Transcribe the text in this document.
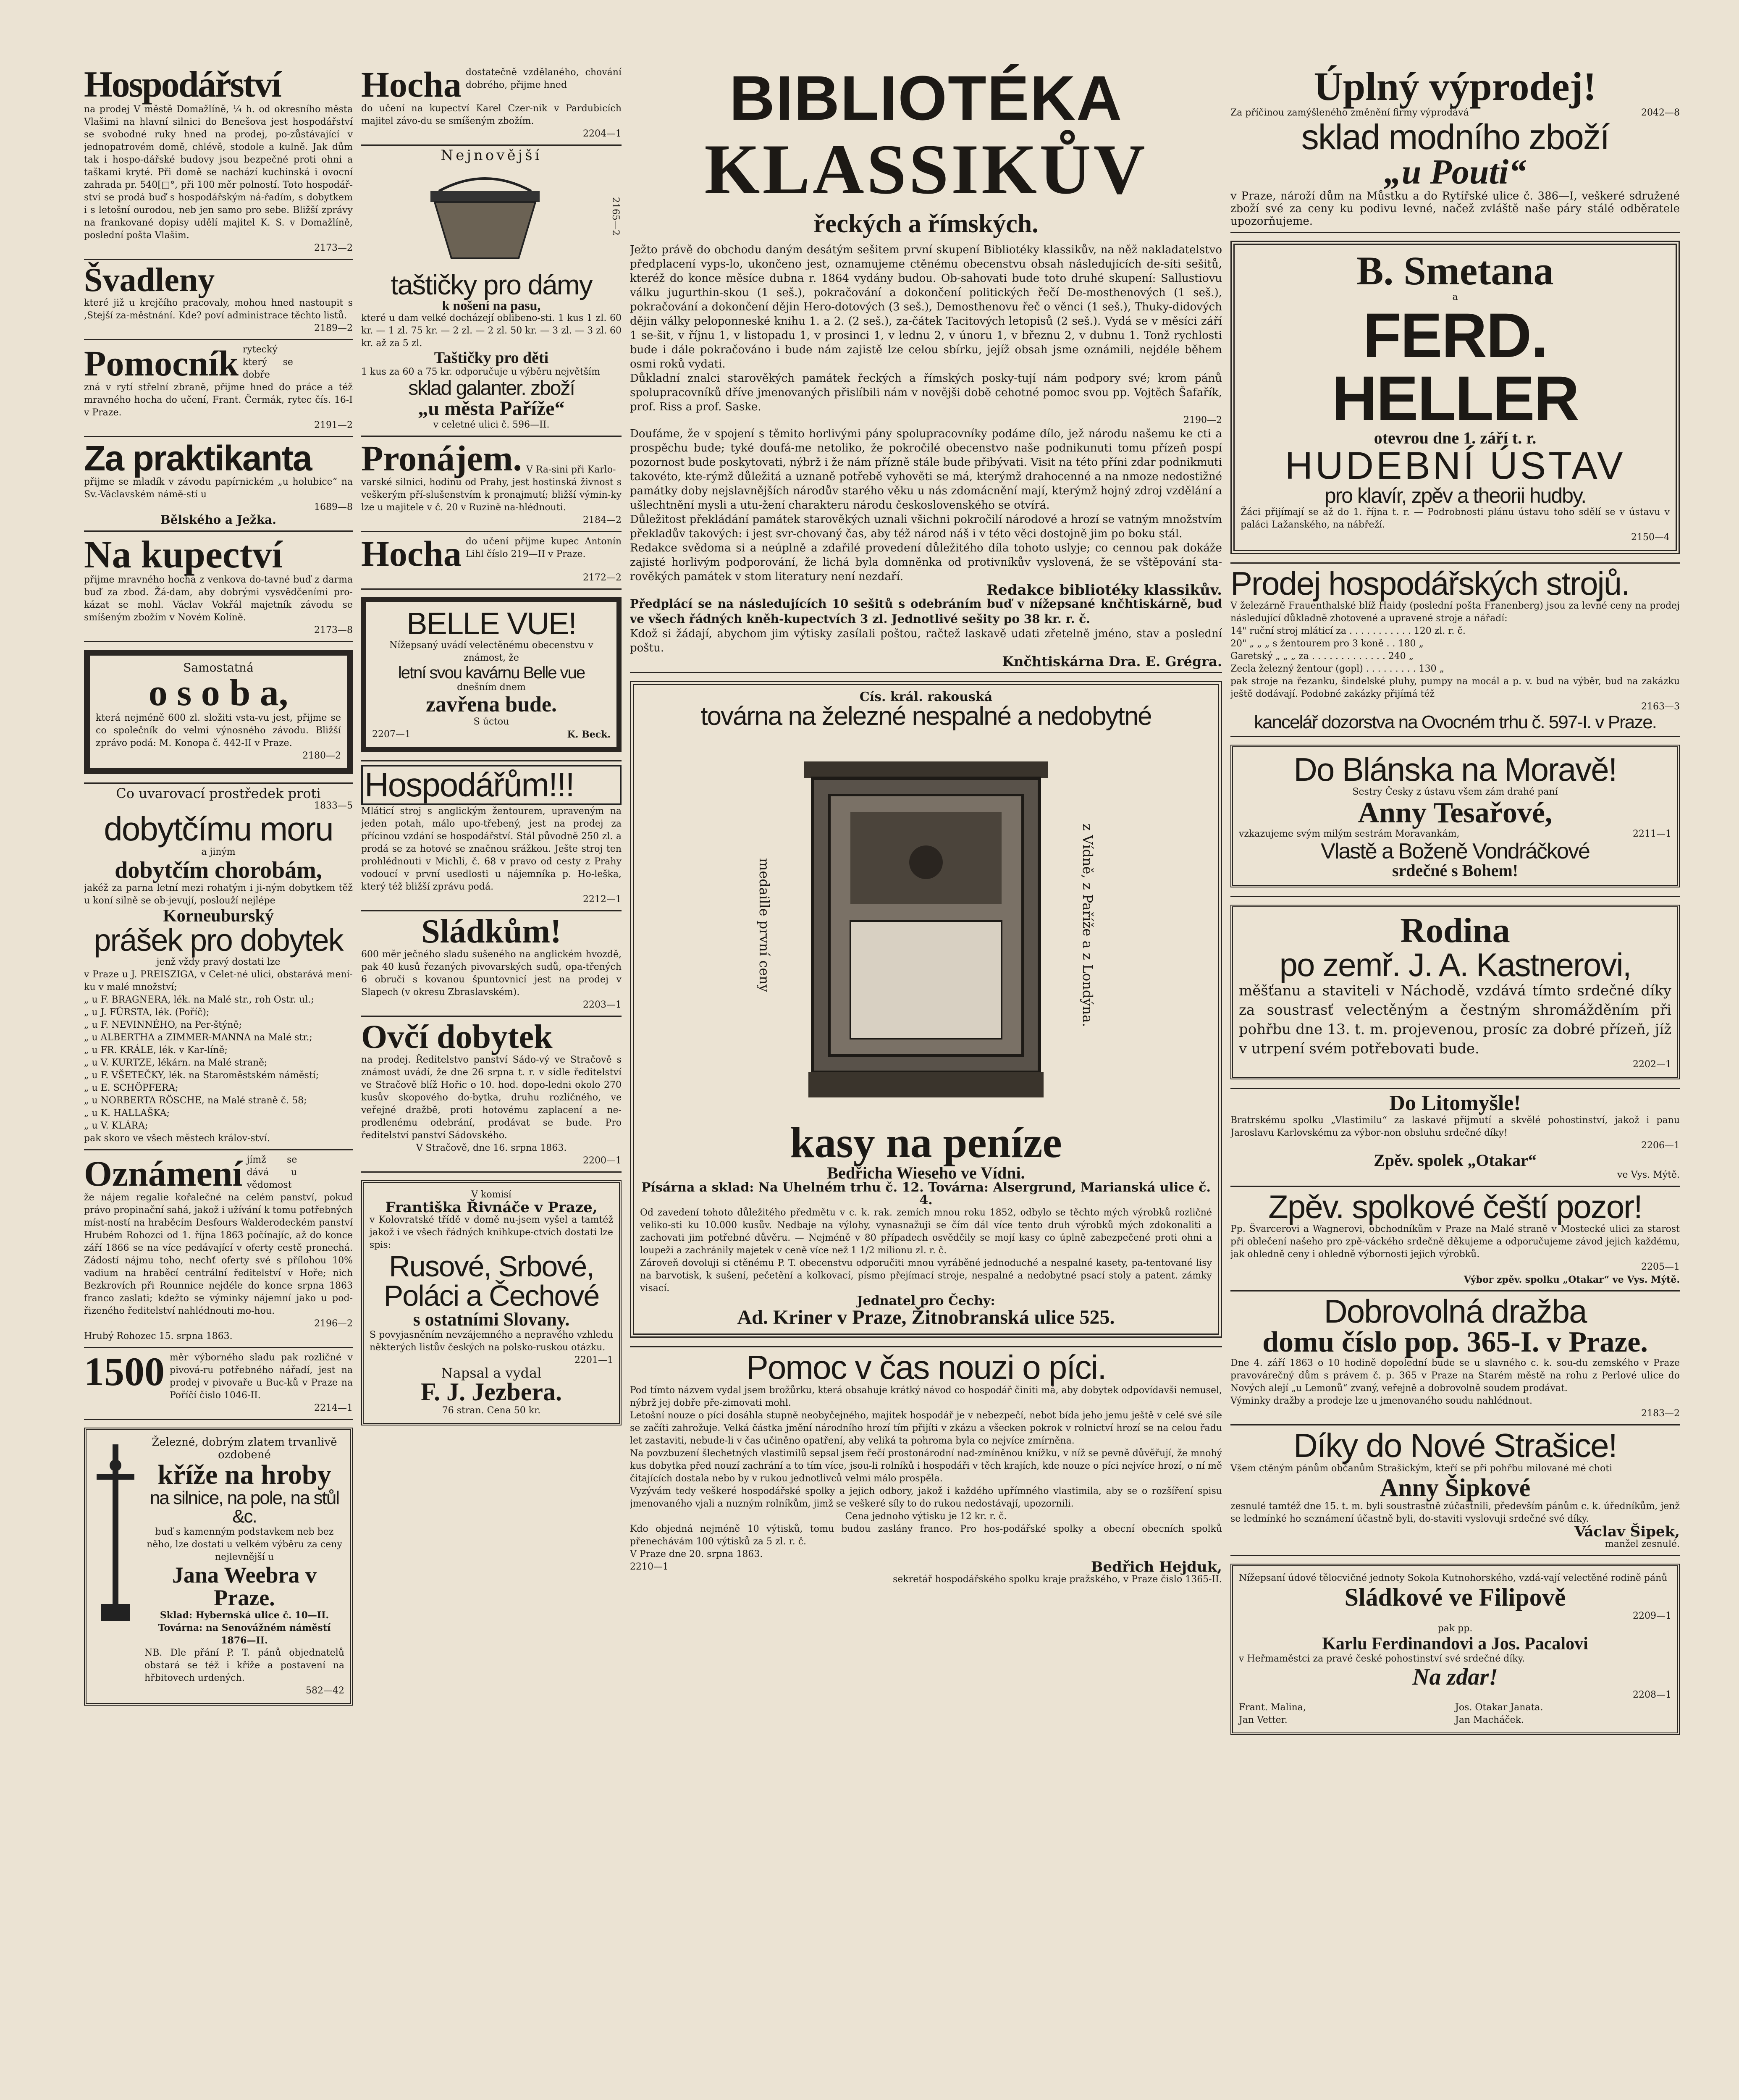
Hospodářství

na prodej V městě Domažlíně, ¼ h. od okresního města Vlašimi na hlavní silnici do Benešova jest hospodářství se svobodné ruky hned na prodej, po-zůstávající v jednopatrovém domě, chlévě, stodole a kulně. Jak dům tak i hospo-dářské budovy jsou bezpečné proti ohni a taškami kryté. Při domě se nachází kuchinská i ovocní zahrada pr. 540[□°, při 100 měr polností. Toto hospodář-ství se prodá buď s hospodářským ná-řadím, s dobytkem i s letošní ourodou, neb jen samo pro sebe. Bližší zprávy na frankované dopisy udělí majitel K. S. v Domažlíně, poslední pošta Vlašim.

2173—2

Švadleny

které již u krejčího pracovaly, mohou hned nastoupit s ,Stejší za-městnání. Kde? poví administrace těchto listů.

2189—2

Pomocník rytecký který se dobře

zná v rytí střelní zbraně, přijme hned do práce a též mravného hocha do učení, Frant. Čermák, rytec čís. 16-I v Praze.

2191—2

Za praktikanta

přijme se mladík v závodu papírnickém „u holubice“ na Sv.-Václavském námě-stí u

1689—8

Bělského a Ježka.

Na kupectví

přijme mravného hocha z venkova do-tavné buď z darma buď za zbod. Žá-dam, aby dobrými vysvědčeními pro-kázat se mohl. Václav Vokřál majetník závodu se smíšeným zbožím v Novém Kolíně.

2173—8

Samostatná

o s o b a,

která nejméně 600 zl. složiti vsta-vu jest, přijme se co společník do velmi výnosného závodu. Bližší zprávo podá: M. Konopa č. 442-II v Praze.

2180—2

Co uvarovací prostředek proti

1833—5

dobytčímu moru

a jiným

dobytčím chorobám,

jakéž za parna letní mezi rohatým i ji-ným dobytkem těž u koní silně se ob-jevují, poslouží nejlépe

Korneuburský

prášek pro dobytek

jenž vždy pravý dostati lze

v Praze u J. PREISZIGA, v Celet-né ulici, obstarává mení-ku v malé množství;

„ u F. BRAGNERA, lék. na Malé str., roh Ostr. ul.;

„ u J. FÜRSTA, lék. (Poříč);

„ u F. NEVINNÉHO, na Per-štýně;

„ u ALBERTHA a ZIMMER-MANNA na Malé str.;

„ u FR. KRÁLE, lék. v Kar-líně;

„ u V. KURTZE, lékárn. na Malé straně;

„ u F. VŠETEČKY, lék. na Staroměstském náměstí;

„ u E. SCHÖPFERA;

„ u NORBERTA RÖSCHE, na Malé straně č. 58;

„ u K. HALLAŠKA;

„ u V. KLÁRA;

pak skoro ve všech městech králov-ství.

Oznámení jímž se dává u vědomost

že nájem regalie kořalečné na celém panství, pokud právo propinační sahá, jakož i užívání k tomu potřebných míst-ností na hraběcím Desfours Walderodeckém panství Hrubém Rohozci od 1. října 1863 počínajíc, až do konce září 1866 se na více pedávající v oferty cestě pronechá. Zádostí nájmu toho, nechť oferty své s přílohou 10% vadium na hraběcí centrální ředitelství v Hoře; nich Bezkrovích při Rounnice nejdéle do konce srpna 1863 franco zaslati; kdežto se výminky nájemní jako u pod-řizeného ředitelství nahlédnouti mo-hou.

2196—2

Hrubý Rohozec 15. srpna 1863.

1500 měr výborného sladu pak rozličné v pivová-ru potřebného nářadí, jest na prodej v pivovaře u Buc-ků v Praze na Poříčí čislo 1046-II.

2214—1

Železné, dobrým zlatem trvanlivě ozdobené

kříže na hroby

na silnice, na pole, na stůl &c.

buď s kamenným podstavkem neb bez něho, lze dostati u velkém výběru za ceny nejlevnější u

Jana Weebra v Praze.

Sklad: Hybernská ulice č. 10—II.

Továrna: na Senovážném náměstí 1876—II.

NB. Dle přání P. T. pánů objednatelů obstará se též i kříže a postavení na hřbitovech urdených.

582—42

Hocha dostatečně vzdělaného, chování dobrého, přijme hned

do učení na kupectví Karel Czer-nik v Pardubicích majitel závo-du se smíšeným zbožím.

2204—1

Nejnovější

2165—2

taštičky pro dámy

k nošení na pasu,

které u dam velké docházejí oblibeno-sti. 1 kus 1 zl. 60 kr. — 1 zl. 75 kr. — 2 zl. — 2 zl. 50 kr. — 3 zl. — 3 zl. 60 kr. až za 5 zl.

Taštičky pro děti

1 kus za 60 a 75 kr. odporučuje u výběru největším

sklad galanter. zboží

„u města Paříže“

v celetné ulici č. 596—II.

Pronájem. V Ra-sini při Karlo-

varské silnici, hodinu od Prahy, jest hostinská živnost s veškerým pří-slušenstvím k pronajmutí; bližší výmin-ky lze u majitele v č. 20 v Ruzině na-hlédnouti.

2184—2

Hocha do učení přijme kupec Antonín Lihl číslo 219—II v Praze.

2172—2

BELLE VUE!

Nížepsaný uvádí velectěnému obecenstvu v známost, že

letní svou kavárnu Belle vue

dnešním dnem

zavřena bude.

S úctou

2207—1	K. Beck.

Hospodářům!!!

Mláticí stroj s anglickým žentourem, upraveným na jeden potah, málo upo-třebený, jest na prodej za přícinou vzdání se hospodářství. Stál původně 250 zl. a prodá se za hotové se značnou srážkou. Ješte stroj ten prohlédnouti v Michli, č. 68 v pravo od cesty z Prahy vodoucí v první usedlosti u nájemníka p. Ho-leška, který též bližší zprávu podá.

2212—1

Sládkům!

600 měr ječného sladu sušeného na anglickém hvozdě, pak 40 kusů řezaných pivovarských sudů, opa-třených 6 obruči s kovanou špuntovnicí jest na prodej v Slapech (v okresu Zbraslavském).

2203—1

Ovčí dobytek

na prodej. Ředitelstvo panství Sádo-vý ve Stračově s známost uvádí, že dne 26 srpna t. r. v sídle ředitelství ve Stračově blíž Hořic o 10. hod. dopo-ledni okolo 270 kusův skopového do-bytka, druhu rozličného, ve veřejné dražbě, proti hotovému zaplacení a ne-prodlenému odebrání, prodávat se bude. Pro ředitelství panství Sádovského.

V Stračově, dne 16. srpna 1863.

2200—1

V komisí

Františka Řivnáče v Praze,

v Kolovratské třídě v domě nu-jsem vyšel a tamtéž jakož i ve všech řádných knihkupe-ctvích dostati lze spis:

Rusové, Srbové,

Poláci a Čechové

s ostatními Slovany.

S povyjasněním nevzájemného a nepravého vzhledu některých listův českých na polsko-ruskou otázku.

2201—1

Napsal a vydal

F. J. Jezbera.

76 stran. Cena 50 kr.

BIBLIOTÉKA

KLASSIKŮV

řeckých a římských.

Ježto právě do obchodu daným desátým sešitem první skupení Bibliotéky klassikův, na něž nakladatelstvo předplacení vyps-lo, ukončeno jest, oznamujeme ctěnému obecenstvu obsah následujících de-síti sešitů, kteréž do konce měsíce dubna r. 1864 vydány budou. Ob-sahovati bude toto druhé skupení: Sallustiovu válku jugurthin-skou (1 seš.), pokračování a dokončení politických řečí De-mosthenových (1 seš.), pokračování a dokončení dějin Hero-dotových (3 seš.), Demosthenovu řeč o věnci (1 seš.), Thuky-didových dějin války peloponneské knihu 1. a 2. (2 seš.), za-čátek Tacitových letopisů (2 seš.). Vydá se v měsíci září 1 se-šit, v říjnu 1, v listopadu 1, v prosinci 1, v lednu 2, v únoru 1, v březnu 2, v dubnu 1. Tonž rychlosti bude i dále pokračováno i bude nám zajistě lze celou sbírku, jejíž obsah jsme oznámili, nejdéle během osmi roků vydati.

Důkladní znalci starověkých památek řeckých a římských posky-tují nám podpory své; krom pánů spolupracovníků dříve jmenovaných přislíbili nám v novějši době cehotné pomoc svou pp. Vojtěch Šafařík, prof. Riss a prof. Saske.

2190—2

Doufáme, že v spojení s těmito horlivými pány spolupracovníky podáme dílo, jež národu našemu ke cti a prospěchu bude; tyké doufá-me netoliko, že pokročilé obecenstvo naše podnikunuti tomu přízeň pospí pozornost bude poskytovati, nýbrž i že nám přízně stále bude přibývati. Visit na této příni zdar podnikmuti takovéto, kte-rýmž důležitá a uznaně potřebě vyhověti se má, kterýmž drahocenné a na nmoze nedostižné památky doby nejslavnějších národův starého věku u nás zdomácnění mají, kterýmž hojný zdroj vzdělání a ušlechtnění mysli a utu-žení charakteru národu československého se otvírá.

Důležitost překládání památek starověkých uznali všichni pokročilí národové a hrozí se vatným množstvím překladův takových: i jest svr-chovaný čas, aby též národ náš i v této věci dostojně jim po boku stál.

Redakce svědoma si a neúplně a zdařilé provedení důležitého díla tohoto uslyje; co cennou pak dokáže zajisté horlivým podporování, že lichá byla domněnka od protivníkův vyslovená, že se vštěpování sta-rověkých památek v stom literatury není nezdaří.

Redakce bibliotéky klassikův.

Předplácí se na následujících 10 sešitů s odebráním buď v nížepsané knčhtiskárně, buď ve všech řádných kněh-kupectvích 3 zl. Jednotlivé sešity po 38 kr. r. č.

Kdož si žádají, abychom jim výtisky zasílali poštou, račtež laskavě udati zřetelně jméno, stav a poslední poštu.

Knčhtiskárna Dra. E. Grégra.

Cís. král. rakouská

továrna na železné nespalné a nedobytné

medaille první ceny	z Vídně, z Paříže a z Londýna.

kasy na peníze

Bedřicha Wieseho ve Vídni.

Písárna a sklad: Na Uhelném trhu č. 12. Továrna: Alsergrund, Marianská ulice č. 4.

Od zavedení tohoto důležitého předmětu v c. k. rak. zemích mnou roku 1852, odbylo se těchto mých výrobků rozličné veliko-sti ku 10.000 kusův. Nedbaje na výlohy, vynasnažuji se čím dál více tento druh výrobků mých zdokonaliti a zachovati jim potřebné důvěru. — Nejméně v 80 případech osvědčily se mojí kasy co úplně zabezpečené proti ohni a loupeži a zachránily majetek v ceně více než 1 1/2 milionu zl. r. č.

Zároveň dovoluji si ctěnému P. T. obecenstvu odporučiti mnou vyráběné jednoduché a nespalné kasety, pa-tentované lisy na barvotisk, k sušení, pečetění a kolkovací, písmo přejímací stroje, nespalné a nedobytné psací stoly a patent. zámky visací.

Jednatel pro Čechy:

Ad. Kriner v Praze, Žitnobranská ulice 525.

Pomoc v čas nouzi o píci.

Pod tímto názvem vydal jsem brožůrku, která obsahuje krátký návod co hospodář činiti má, aby dobytek odpovídavši nemusel, nýbrž jej dobře pře-zimovati mohl.

Letošní nouze o píci dosáhla stupně neobyčejného, majitek hospodář je v nebezpečí, nebot bída jeho jemu ještě v celé své síle se začíti zahrožuje. Velká částka jmění národního hrozí tím přijíti v zkázu a všecken pokrok v rolnictví hrozí se na celou řadu let zastaviti, nebude-li v čas učiněno opatření, aby veliká ta pohroma byla co nejvíce zmírněna.

Na povzbuzení šlechetných vlastimilů sepsal jsem řečí prostonárodní nad-zmíněnou knížku, v níž se pevně důvěřují, že mnohý kus dobytka před nouzí zachrání a to tím více, jsou-li rolníků i hospodáři v těch krajích, kde nouze o píci nejvíce hrozí, o ní mě čitajících dostala nebo by v rukou jednotlivců velmi málo prospěla.

Vyzývám tedy veškeré hospodářské spolky a jejich odbory, jakož i každého upřímného vlastimila, aby se o rozšíření spisu jmenovaného vjali a nuzným rolníkům, jimž se veškeré síly to do rukou nedostávají, upozornili.

Cena jednoho výtisku je 12 kr. r. č.

Kdo objedná nejméně 10 výtisků, tomu budou zaslány franco. Pro hos-podářské spolky a obecní obecních spolků přenechávám 100 výtisků za 5 zl. r. č.

V Praze dne 20. srpna 1863.

2210—1	Bedřich Hejduk,

sekretář hospodářského spolku kraje pražského, v Praze čislo 1365-II.

Úplný výprodej!

Za příčinou zamýšleného změnění firmy výprodává	2042—8

sklad modního zboží

„u Pouti“

v Praze, nároží dům na Můstku a do Rytířské ulice č. 386—I, veškeré sdružené zboží své za ceny ku podivu levné, načež zvláště naše páry stálé odběratele upozorňujeme.

B. Smetana

a

FERD. HELLER

otevrou dne 1. září t. r.

HUDEBNÍ ÚSTAV

pro klavír, zpěv a theorii hudby.

Žáci přijímají se až do 1. října t. r. — Podrobnosti plánu ústavu toho sdělí se v ústavu v paláci Lažanského, na nábřeží.

2150—4

Prodej hospodářských strojů.

V železárně Frauenthalské blíž Haidy (poslední pošta Franenberg) jsou za levné ceny na prodej následující důkladně zhotovené a upravené stroje a nářadí:

14" ruční stroj mláticí za . . . . . . . . . . . 120 zl. r. č.

20" „ „ „ s žentourem pro 3 koně . . 180 „

Garetský „ „ „ za . . . . . . . . . . . . . 240 „

Zecla železný žentour (gopl) . . . . . . . . . 130 „

pak stroje na řezanku, šindelské pluhy, pumpy na mocál a p. v. bud na výběr, bud na zakázku ještě dodávají. Podobné zakázky přijímá též

2163—3

kancelář dozorstva na Ovocném trhu č. 597-I. v Praze.

Do Blánska na Moravě!

Sestry Česky z ústavu všem zám drahé paní

Anny Tesařové,

vzkazujeme svým milým sestrám Moravankám,	2211—1

Vlastě a Boženě Vondráčkové

srdečné s Bohem!

Rodina

po zemř. J. A. Kastnerovi,

měšťanu a staviteli v Náchodě, vzdává tímto srdečné díky za soustrasť velectěným a čestným shromážděním při pohřbu dne 13. t. m. projevenou, prosíc za dobré přízeň, jíž v utrpení svém potřebovati bude.

2202—1

Do Litomyšle!

Bratrskému spolku „Vlastimilu“ za laskavé přijmutí a skvělé pohostinství, jakož i panu Jaroslavu Karlovskému za výbor-non obsluhu srdečné díky!

2206—1

Zpěv. spolek „Otakar“

ve Vys. Mýtě.

Zpěv. spolkové čeští pozor!

Pp. Švarcerovi a Wagnerovi, obchodníkům v Praze na Malé straně v Mostecké ulici za starost při oblečení našeho pro zpě-váckého srdečně děkujeme a odporučujeme závod jejich každému, jak ohledně ceny i ohledně výbornosti jejich výrobků.

2205—1

Výbor zpěv. spolku „Otakar“ ve Vys. Mýtě.

Dobrovolná dražba

domu číslo pop. 365-I. v Praze.

Dne 4. září 1863 o 10 hodině dopolední bude se u slavného c. k. sou-du zemského v Praze pravovárečný dům s právem č. p. 365 v Praze na Starém městě na rohu z Perlové ulice do Nových alejí „u Lemonů“ zvaný, veřejně a dobrovolně soudem prodávat.

Výminky dražby a prodeje lze u jmenovaného soudu nahlédnout.

2183—2

Díky do Nové Strašice!

Všem ctěným pánům občanům Strašickým, kteří se při pohřbu milované mé choti

Anny Šipkové

zesnulé tamtéž dne 15. t. m. byli soustrastně zúčastnili, především pánům c. k. úředníkům, jenž se ledmínké ho seznámení účastně byli, do-staviti vyslovuji srdečné své díky.

Václav Šipek,

manžel zesnulé.

Nížepsaní údové tělocvičné jednoty Sokola Kutnohorského, vzdá-vají velectěné rodině pánů

Sládkové ve Filipově

2209—1

pak pp.

Karlu Ferdinandovi a Jos. Pacalovi

v Heřmaměstci za pravé české pohostinství své srdečné díky.

Na zdar!

2208—1

Frant. Malina,	Jos. Otakar Janata.

Jan Vetter.	Jan Macháček.
